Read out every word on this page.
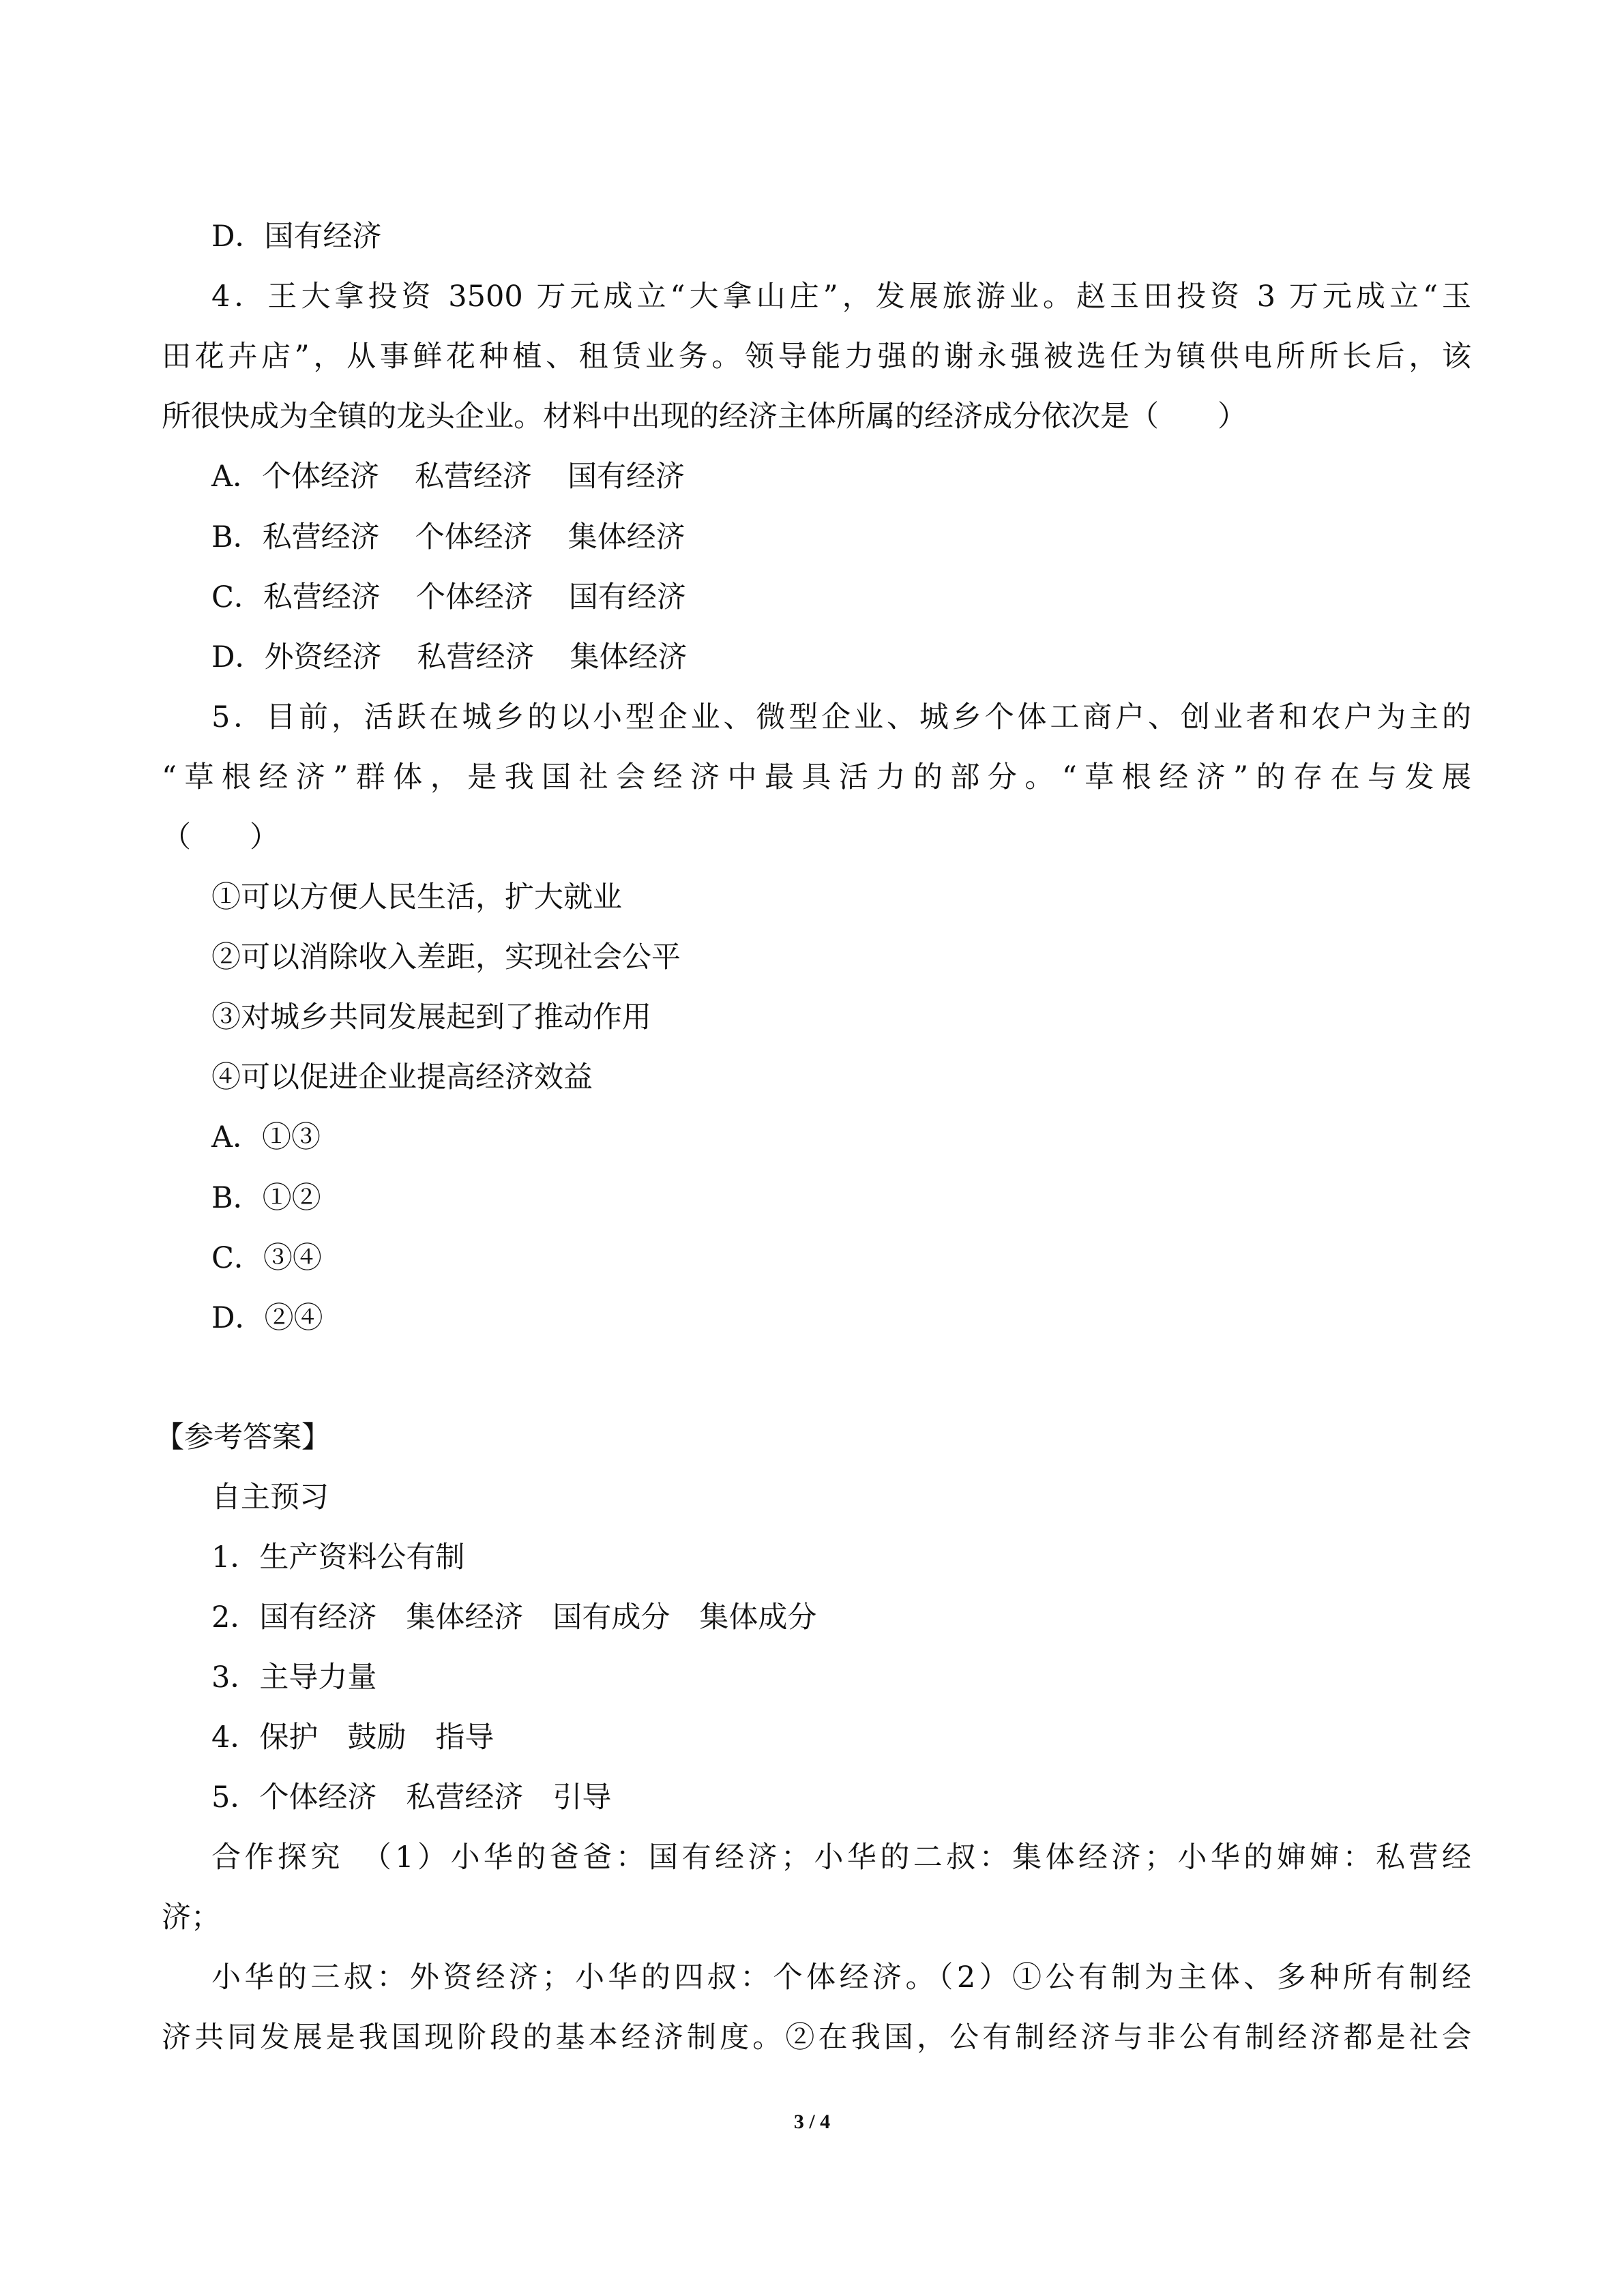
D．国有经济
4．王大拿投资 3500 万元成立“大拿山庄”，发展旅游业。赵玉田投资 3 万元成立“玉
田花卉店”，从事鲜花种植、租赁业务。领导能力强的谢永强被选任为镇供电所所长后，该
所很快成为全镇的龙头企业。材料中出现的经济主体所属的经济成分依次是（　　）
A．个体经济 私营经济 国有经济
B．私营经济 个体经济 集体经济
C．私营经济 个体经济 国有经济
D．外资经济 私营经济 集体经济
5．目前，活跃在城乡的以小型企业、微型企业、城乡个体工商户、创业者和农户为主的
“草根经济”群体，是我国社会经济中最具活力的部分。“草根经济”的存在与发展
（　　）
①可以方便人民生活，扩大就业
②可以消除收入差距，实现社会公平
③对城乡共同发展起到了推动作用
④可以促进企业提高经济效益
A．①③
B．①②
C．③④
D．②④
【参考答案】
自主预习
1．生产资料公有制
2．国有经济　集体经济　国有成分　集体成分
3．主导力量
4．保护　鼓励　指导
5．个体经济　私营经济　引导
合作探究　（1）小华的爸爸：国有经济；小华的二叔：集体经济；小华的婶婶：私营经
济；
小华的三叔：外资经济；小华的四叔：个体经济。（2）①公有制为主体、多种所有制经
济共同发展是我国现阶段的基本经济制度。②在我国，公有制经济与非公有制经济都是社会
3 / 4
